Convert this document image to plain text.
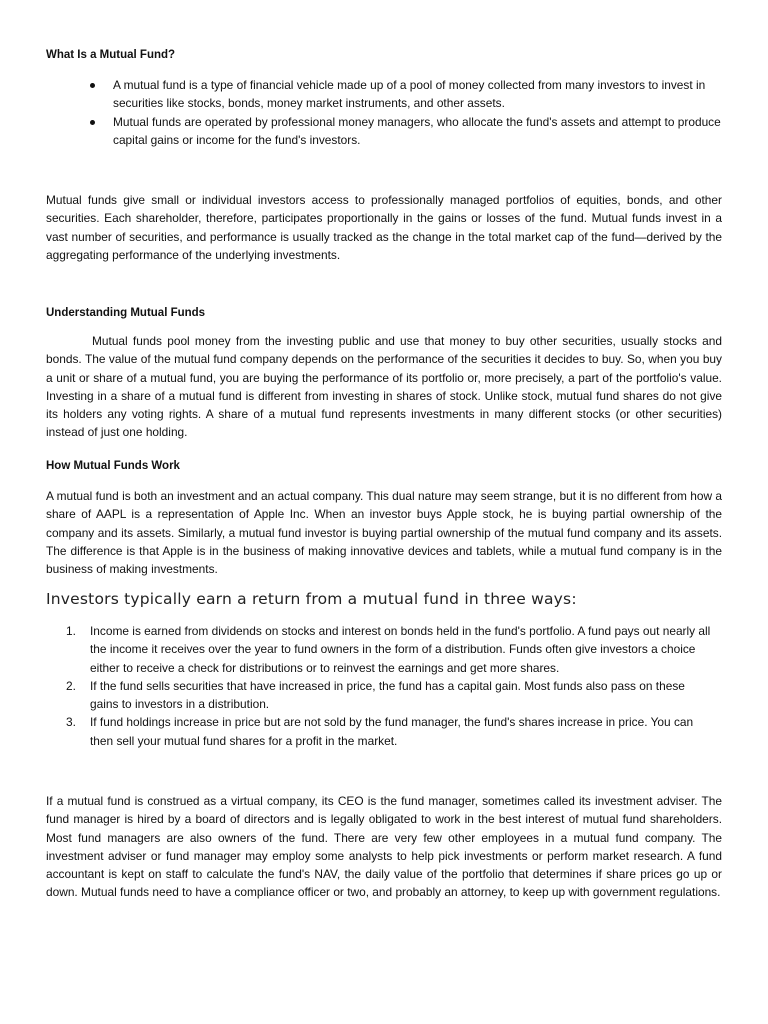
What Is a Mutual Fund?
A mutual fund is a type of financial vehicle made up of a pool of money collected from many investors to invest in securities like stocks, bonds, money market instruments, and other assets.
Mutual funds are operated by professional money managers, who allocate the fund's assets and attempt to produce capital gains or income for the fund's investors.
Mutual funds give small or individual investors access to professionally managed portfolios of equities, bonds, and other securities. Each shareholder, therefore, participates proportionally in the gains or losses of the fund. Mutual funds invest in a vast number of securities, and performance is usually tracked as the change in the total market cap of the fund—derived by the aggregating performance of the underlying investments.
Understanding Mutual Funds
Mutual funds pool money from the investing public and use that money to buy other securities, usually stocks and bonds. The value of the mutual fund company depends on the performance of the securities it decides to buy. So, when you buy a unit or share of a mutual fund, you are buying the performance of its portfolio or, more precisely, a part of the portfolio's value. Investing in a share of a mutual fund is different from investing in shares of stock. Unlike stock, mutual fund shares do not give its holders any voting rights. A share of a mutual fund represents investments in many different stocks (or other securities) instead of just one holding.
How Mutual Funds Work
A mutual fund is both an investment and an actual company. This dual nature may seem strange, but it is no different from how a share of AAPL is a representation of Apple Inc. When an investor buys Apple stock, he is buying partial ownership of the company and its assets. Similarly, a mutual fund investor is buying partial ownership of the mutual fund company and its assets. The difference is that Apple is in the business of making innovative devices and tablets, while a mutual fund company is in the business of making investments.
Investors typically earn a return from a mutual fund in three ways:
1. Income is earned from dividends on stocks and interest on bonds held in the fund's portfolio. A fund pays out nearly all the income it receives over the year to fund owners in the form of a distribution. Funds often give investors a choice either to receive a check for distributions or to reinvest the earnings and get more shares.
2. If the fund sells securities that have increased in price, the fund has a capital gain. Most funds also pass on these gains to investors in a distribution.
3. If fund holdings increase in price but are not sold by the fund manager, the fund's shares increase in price. You can then sell your mutual fund shares for a profit in the market.
If a mutual fund is construed as a virtual company, its CEO is the fund manager, sometimes called its investment adviser. The fund manager is hired by a board of directors and is legally obligated to work in the best interest of mutual fund shareholders. Most fund managers are also owners of the fund. There are very few other employees in a mutual fund company. The investment adviser or fund manager may employ some analysts to help pick investments or perform market research. A fund accountant is kept on staff to calculate the fund's NAV, the daily value of the portfolio that determines if share prices go up or down. Mutual funds need to have a compliance officer or two, and probably an attorney, to keep up with government regulations.
